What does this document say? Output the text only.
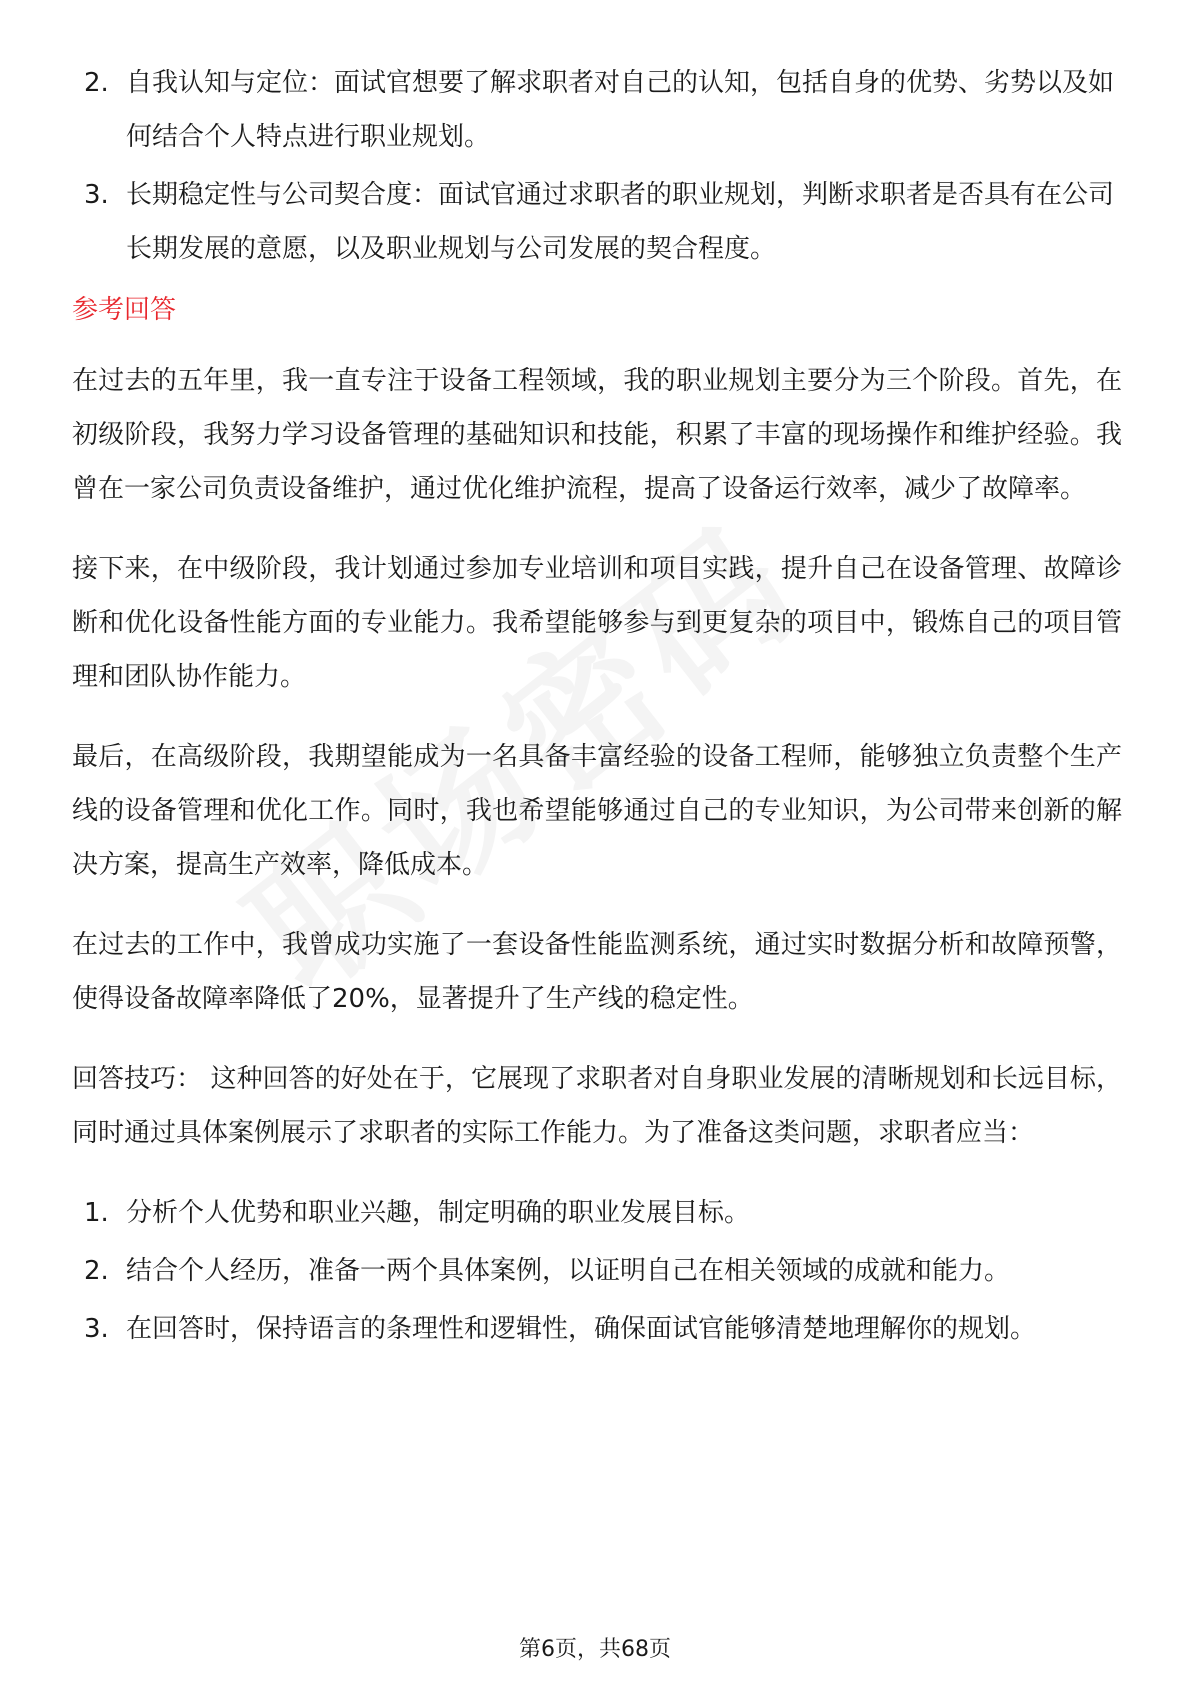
2. 自我认知与定位：面试官想要了解求职者对自己的认知，包括自身的优势、劣势以及如何结合个人特点进行职业规划。
3. 长期稳定性与公司契合度：面试官通过求职者的职业规划，判断求职者是否具有在公司长期发展的意愿，以及职业规划与公司发展的契合程度。
参考回答

在过去的五年里，我一直专注于设备工程领域，我的职业规划主要分为三个阶段。首先，在初级阶段，我努力学习设备管理的基础知识和技能，积累了丰富的现场操作和维护经验。我曾在一家公司负责设备维护，通过优化维护流程，提高了设备运行效率，减少了故障率。

接下来，在中级阶段，我计划通过参加专业培训和项目实践，提升自己在设备管理、故障诊断和优化设备性能方面的专业能力。我希望能够参与到更复杂的项目中，锻炼自己的项目管理和团队协作能力。

最后，在高级阶段，我期望能成为一名具备丰富经验的设备工程师，能够独立负责整个生产线的设备管理和优化工作。同时，我也希望能够通过自己的专业知识，为公司带来创新的解决方案，提高生产效率，降低成本。

在过去的工作中，我曾成功实施了一套设备性能监测系统，通过实时数据分析和故障预警，使得设备故障率降低了20%，显著提升了生产线的稳定性。

回答技巧： 这种回答的好处在于，它展现了求职者对自身职业发展的清晰规划和长远目标，同时通过具体案例展示了求职者的实际工作能力。为了准备这类问题，求职者应当：

1. 分析个人优势和职业兴趣，制定明确的职业发展目标。
2. 结合个人经历，准备一两个具体案例，以证明自己在相关领域的成就和能力。
3. 在回答时，保持语言的条理性和逻辑性，确保面试官能够清楚地理解你的规划。
第6页，共68页
